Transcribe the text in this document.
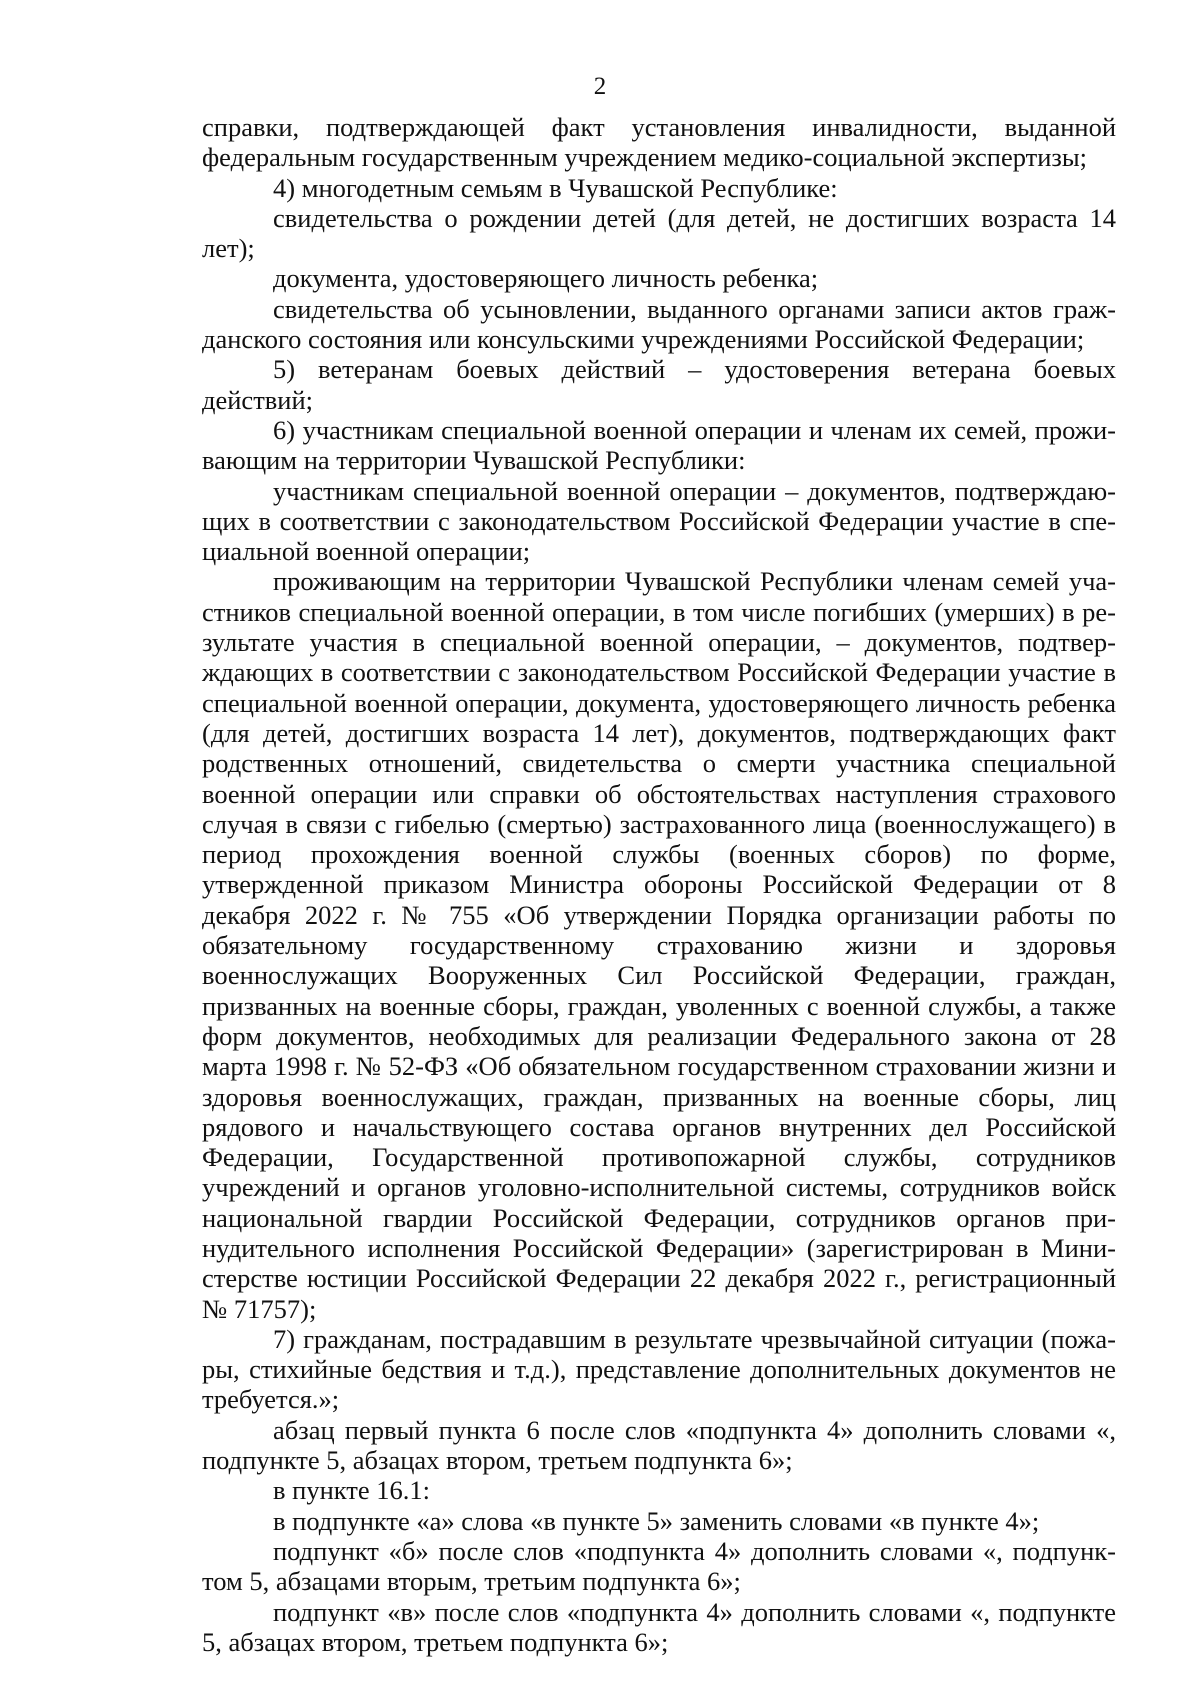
2

справки, подтверждающей факт установления инвалидности, выданной федеральным государственным учреждением медико-социальной экспертизы;

4) многодетным семьям в Чувашской Республике:

свидетельства о рождении детей (для детей, не достигших возраста 14 лет);

документа, удостоверяющего личность ребенка;

свидетельства об усыновлении, выданного органами записи актов гражданского состояния или консульскими учреждениями Российской Федерации;

5) ветеранам боевых действий – удостоверения ветерана боевых действий;

6) участникам специальной военной операции и членам их семей, проживающим на территории Чувашской Республики:

участникам специальной военной операции – документов, подтверждающих в соответствии с законодательством Российской Федерации участие в специальной военной операции;

проживающим на территории Чувашской Республики членам семей участников специальной военной операции, в том числе погибших (умерших) в результате участия в специальной военной операции, – документов, подтверждающих в соответствии с законодательством Российской Федерации участие в специальной военной операции, документа, удостоверяющего личность ребенка (для детей, достигших возраста 14 лет), документов, подтверждающих факт родственных отношений, свидетельства о смерти участника специальной военной операции или справки об обстоятельствах наступления страхового случая в связи с гибелью (смертью) застрахованного лица (военнослужащего) в период прохождения военной службы (военных сборов) по форме, утвержденной приказом Министра обороны Российской Федерации от 8 декабря 2022 г. № 755 «Об утверждении Порядка организации работы по обязательному государственному страхованию жизни и здоровья военнослужащих Вооруженных Сил Российской Федерации, граждан, призванных на военные сборы, граждан, уволенных с военной службы, а также форм документов, необходимых для реализации Федерального закона от 28 марта 1998 г. № 52-ФЗ «Об обязательном государственном страховании жизни и здоровья военнослужащих, граждан, призванных на военные сборы, лиц рядового и начальствующего состава органов внутренних дел Российской Федерации, Государственной противопожарной службы, сотрудников учреждений и органов уголовно-исполнительной системы, сотрудников войск национальной гвардии Российской Федерации, сотрудников органов принудительного исполнения Российской Федерации» (зарегистрирован в Министерстве юстиции Российской Федерации 22 декабря 2022 г., регистрационный № 71757);

7) гражданам, пострадавшим в результате чрезвычайной ситуации (пожары, стихийные бедствия и т.д.), представление дополнительных документов не требуется.»;

абзац первый пункта 6 после слов «подпункта 4» дополнить словами «, подпункте 5, абзацах втором, третьем подпункта 6»;

в пункте 16.1:

в подпункте «а» слова «в пункте 5» заменить словами «в пункте 4»;

подпункт «б» после слов «подпункта 4» дополнить словами «, подпунктом 5, абзацами вторым, третьим подпункта 6»;

подпункт «в» после слов «подпункта 4» дополнить словами «, подпункте 5, абзацах втором, третьем подпункта 6»;
